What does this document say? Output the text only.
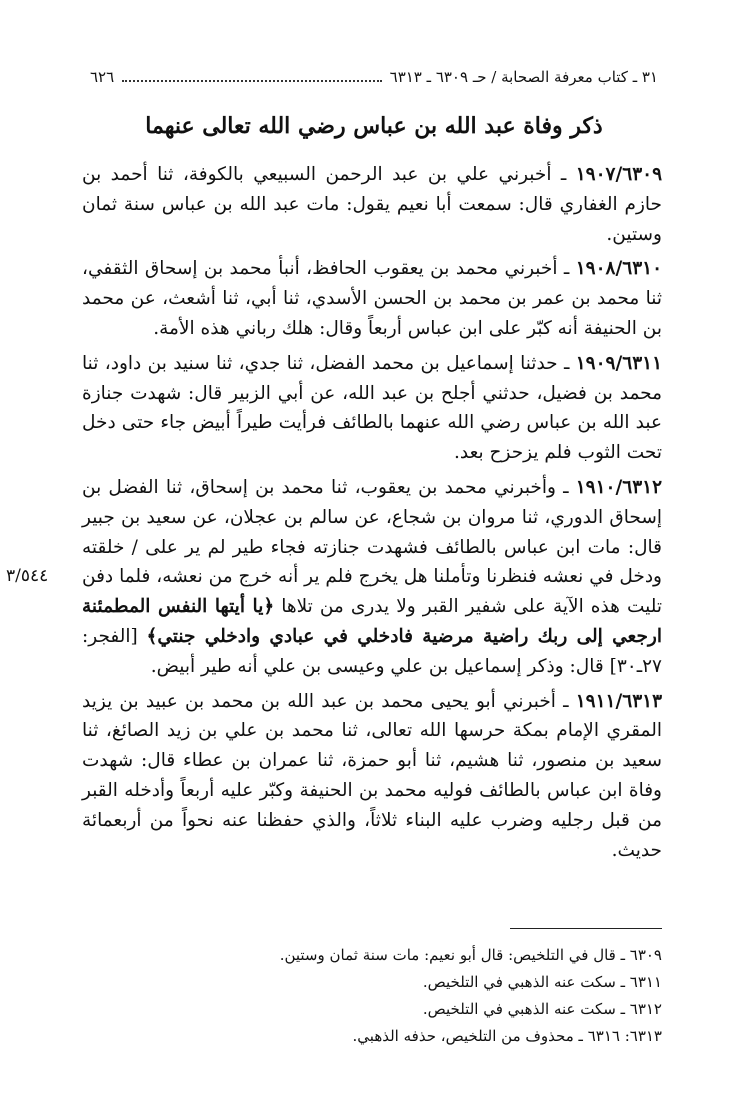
٣١ ـ كتاب معرفة الصحابة / حـ ٦٣٠٩ ـ ٦٣١٣
٦٢٦
ذكر وفاة عبد الله بن عباس رضي الله تعالى عنهما

١٩٠٧/٦٣٠٩ ـ أخبرني علي بن عبد الرحمن السبيعي بالكوفة، ثنا أحمد بن حازم الغفاري قال: سمعت أبا نعيم يقول: مات عبد الله بن عباس سنة ثمان وستين.

١٩٠٨/٦٣١٠ ـ أخبرني محمد بن يعقوب الحافظ، أنبأ محمد بن إسحاق الثقفي، ثنا محمد بن عمر بن محمد بن الحسن الأسدي، ثنا أبي، ثنا أشعث، عن محمد بن الحنيفة أنه كبّر على ابن عباس أربعاً وقال: هلك رباني هذه الأمة.

١٩٠٩/٦٣١١ ـ حدثنا إسماعيل بن محمد الفضل، ثنا جدي، ثنا سنيد بن داود، ثنا محمد بن فضيل، حدثني أجلح بن عبد الله، عن أبي الزبير قال: شهدت جنازة عبد الله بن عباس رضي الله عنهما بالطائف فرأيت طيراً أبيض جاء حتى دخل تحت الثوب فلم يزحزح بعد.

١٩١٠/٦٣١٢ ـ وأخبرني محمد بن يعقوب، ثنا محمد بن إسحاق، ثنا الفضل بن إسحاق الدوري، ثنا مروان بن شجاع، عن سالم بن عجلان، عن سعيد بن جبير قال: مات ابن عباس بالطائف فشهدت جنازته فجاء طير لم ير على / خلقته ودخل في نعشه فنظرنا وتأملنا هل يخرج فلم ير أنه خرج من نعشه، فلما دفن تليت هذه الآية على شفير القبر ولا يدرى من تلاها ﴿يا أيتها النفس المطمئنة ارجعي إلى ربك راضية مرضية فادخلي في عبادي وادخلي جنتي﴾ [الفجر: ٢٧ـ٣٠] قال: وذكر إسماعيل بن علي وعيسى بن علي أنه طير أبيض.

١٩١١/٦٣١٣ ـ أخبرني أبو يحيى محمد بن عبد الله بن محمد بن عبيد بن يزيد المقري الإمام بمكة حرسها الله تعالى، ثنا محمد بن علي بن زيد الصائغ، ثنا سعيد بن منصور، ثنا هشيم، ثنا أبو حمزة، ثنا عمران بن عطاء قال: شهدت وفاة ابن عباس بالطائف فوليه محمد بن الحنيفة وكبّر عليه أربعاً وأدخله القبر من قبل رجليه وضرب عليه البناء ثلاثاً، والذي حفظنا عنه نحواً من أربعمائة حديث.

٣/٥٤٤

٦٣٠٩ ـ قال في التلخيص: قال أبو نعيم: مات سنة ثمان وستين.

٦٣١١ ـ سكت عنه الذهبي في التلخيص.

٦٣١٢ ـ سكت عنه الذهبي في التلخيص.

٦٣١٣: ٦٣١٦ ـ محذوف من التلخيص، حذفه الذهبي.
